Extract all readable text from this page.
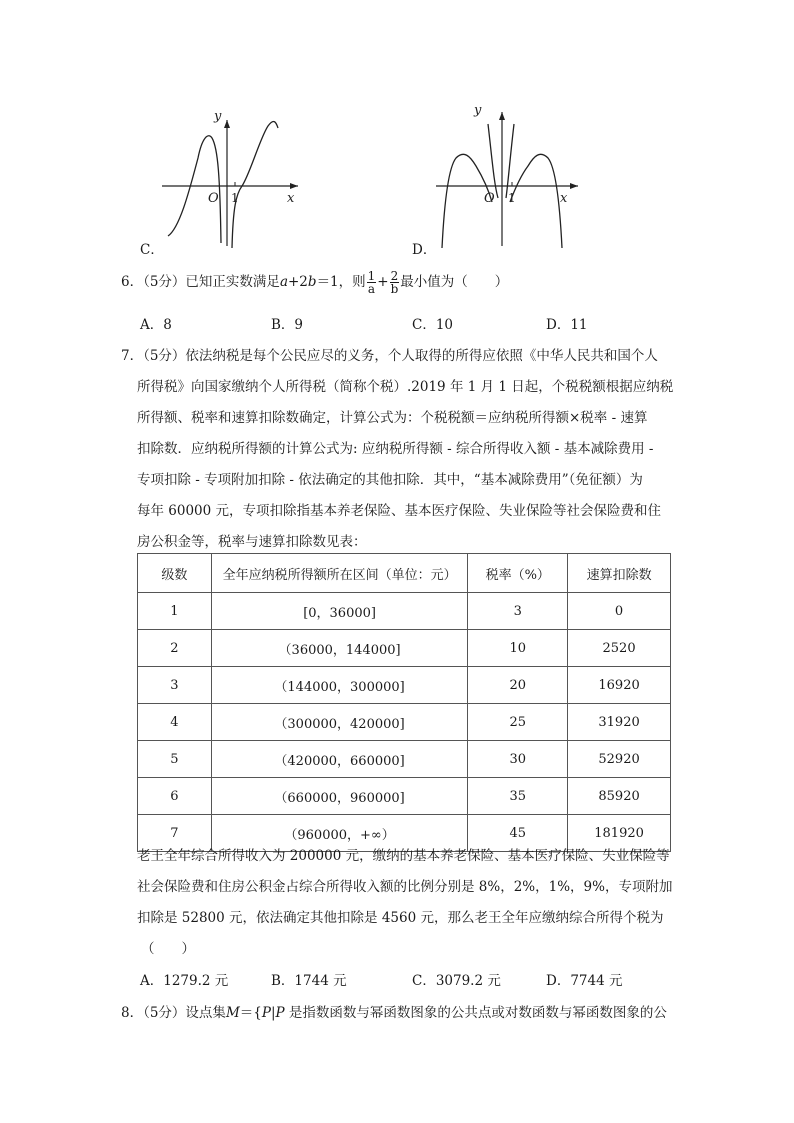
y
x
O 1
C．
y
x
O 1
D．
6．（5分）已知正实数满足a+2b＝1，则 $\frac{1}{a} + \frac{2}{b}$ 最小值为（　　）
A．8	B．9	C．10	D．11
7．（5分）依法纳税是每个公民应尽的义务，个人取得的所得应依照《中华人民共和国个人
所得税》向国家缴纳个人所得税（简称个税）.2019 年 1 月 1 日起，个税税额根据应纳税
所得额、税率和速算扣除数确定，计算公式为：个税税额＝应纳税所得额×税率 - 速算
扣除数．应纳税所得额的计算公式为: 应纳税所得额 - 综合所得收入额 - 基本减除费用 -
专项扣除 - 专项附加扣除 - 依法确定的其他扣除．其中，“基本减除费用”（免征额）为
每年 60000 元，专项扣除指基本养老保险、基本医疗保险、失业保险等社会保险费和住
房公积金等，税率与速算扣除数见表：
级数	全年应纳税所得额所在区间（单位：元）	税率（%）	速算扣除数
1	[0，36000]	3	0
2	（36000，144000]	10	2520
3	（144000，300000]	20	16920
4	（300000，420000]	25	31920
5	（420000，660000]	30	52920
6	（660000，960000]	35	85920
7	（960000，+∞）	45	181920
老王全年综合所得收入为 200000 元，缴纳的基本养老保险、基本医疗保险、失业保险等
社会保险费和住房公积金占综合所得收入额的比例分别是 8%，2%，1%，9%，专项附加
扣除是 52800 元，依法确定其他扣除是 4560 元，那么老王全年应缴纳综合所得个税为
（　　）
A．1279.2 元	B．1744 元	C．3079.2 元	D．7744 元
8．（5分）设点集M＝{P|P 是指数函数与幂函数图象的公共点或对数函数与幂函数图象的公
